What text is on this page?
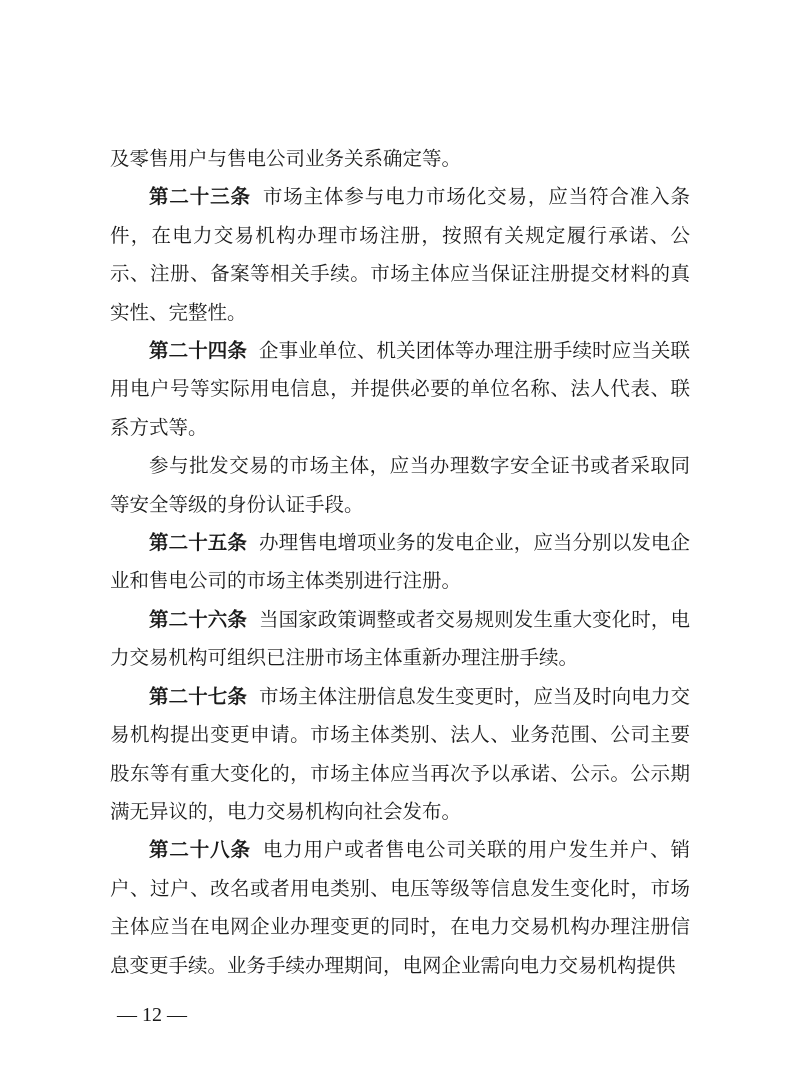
及零售用户与售电公司业务关系确定等。

第二十三条 市场主体参与电力市场化交易，应当符合准入条件，在电力交易机构办理市场注册，按照有关规定履行承诺、公示、注册、备案等相关手续。市场主体应当保证注册提交材料的真实性、完整性。

第二十四条 企事业单位、机关团体等办理注册手续时应当关联用电户号等实际用电信息，并提供必要的单位名称、法人代表、联系方式等。

参与批发交易的市场主体，应当办理数字安全证书或者采取同等安全等级的身份认证手段。

第二十五条 办理售电增项业务的发电企业，应当分别以发电企业和售电公司的市场主体类别进行注册。

第二十六条 当国家政策调整或者交易规则发生重大变化时，电力交易机构可组织已注册市场主体重新办理注册手续。

第二十七条 市场主体注册信息发生变更时，应当及时向电力交易机构提出变更申请。市场主体类别、法人、业务范围、公司主要股东等有重大变化的，市场主体应当再次予以承诺、公示。公示期满无异议的，电力交易机构向社会发布。

第二十八条 电力用户或者售电公司关联的用户发生并户、销户、过户、改名或者用电类别、电压等级等信息发生变化时，市场主体应当在电网企业办理变更的同时，在电力交易机构办理注册信息变更手续。业务手续办理期间，电网企业需向电力交易机构提供

— 12 —
